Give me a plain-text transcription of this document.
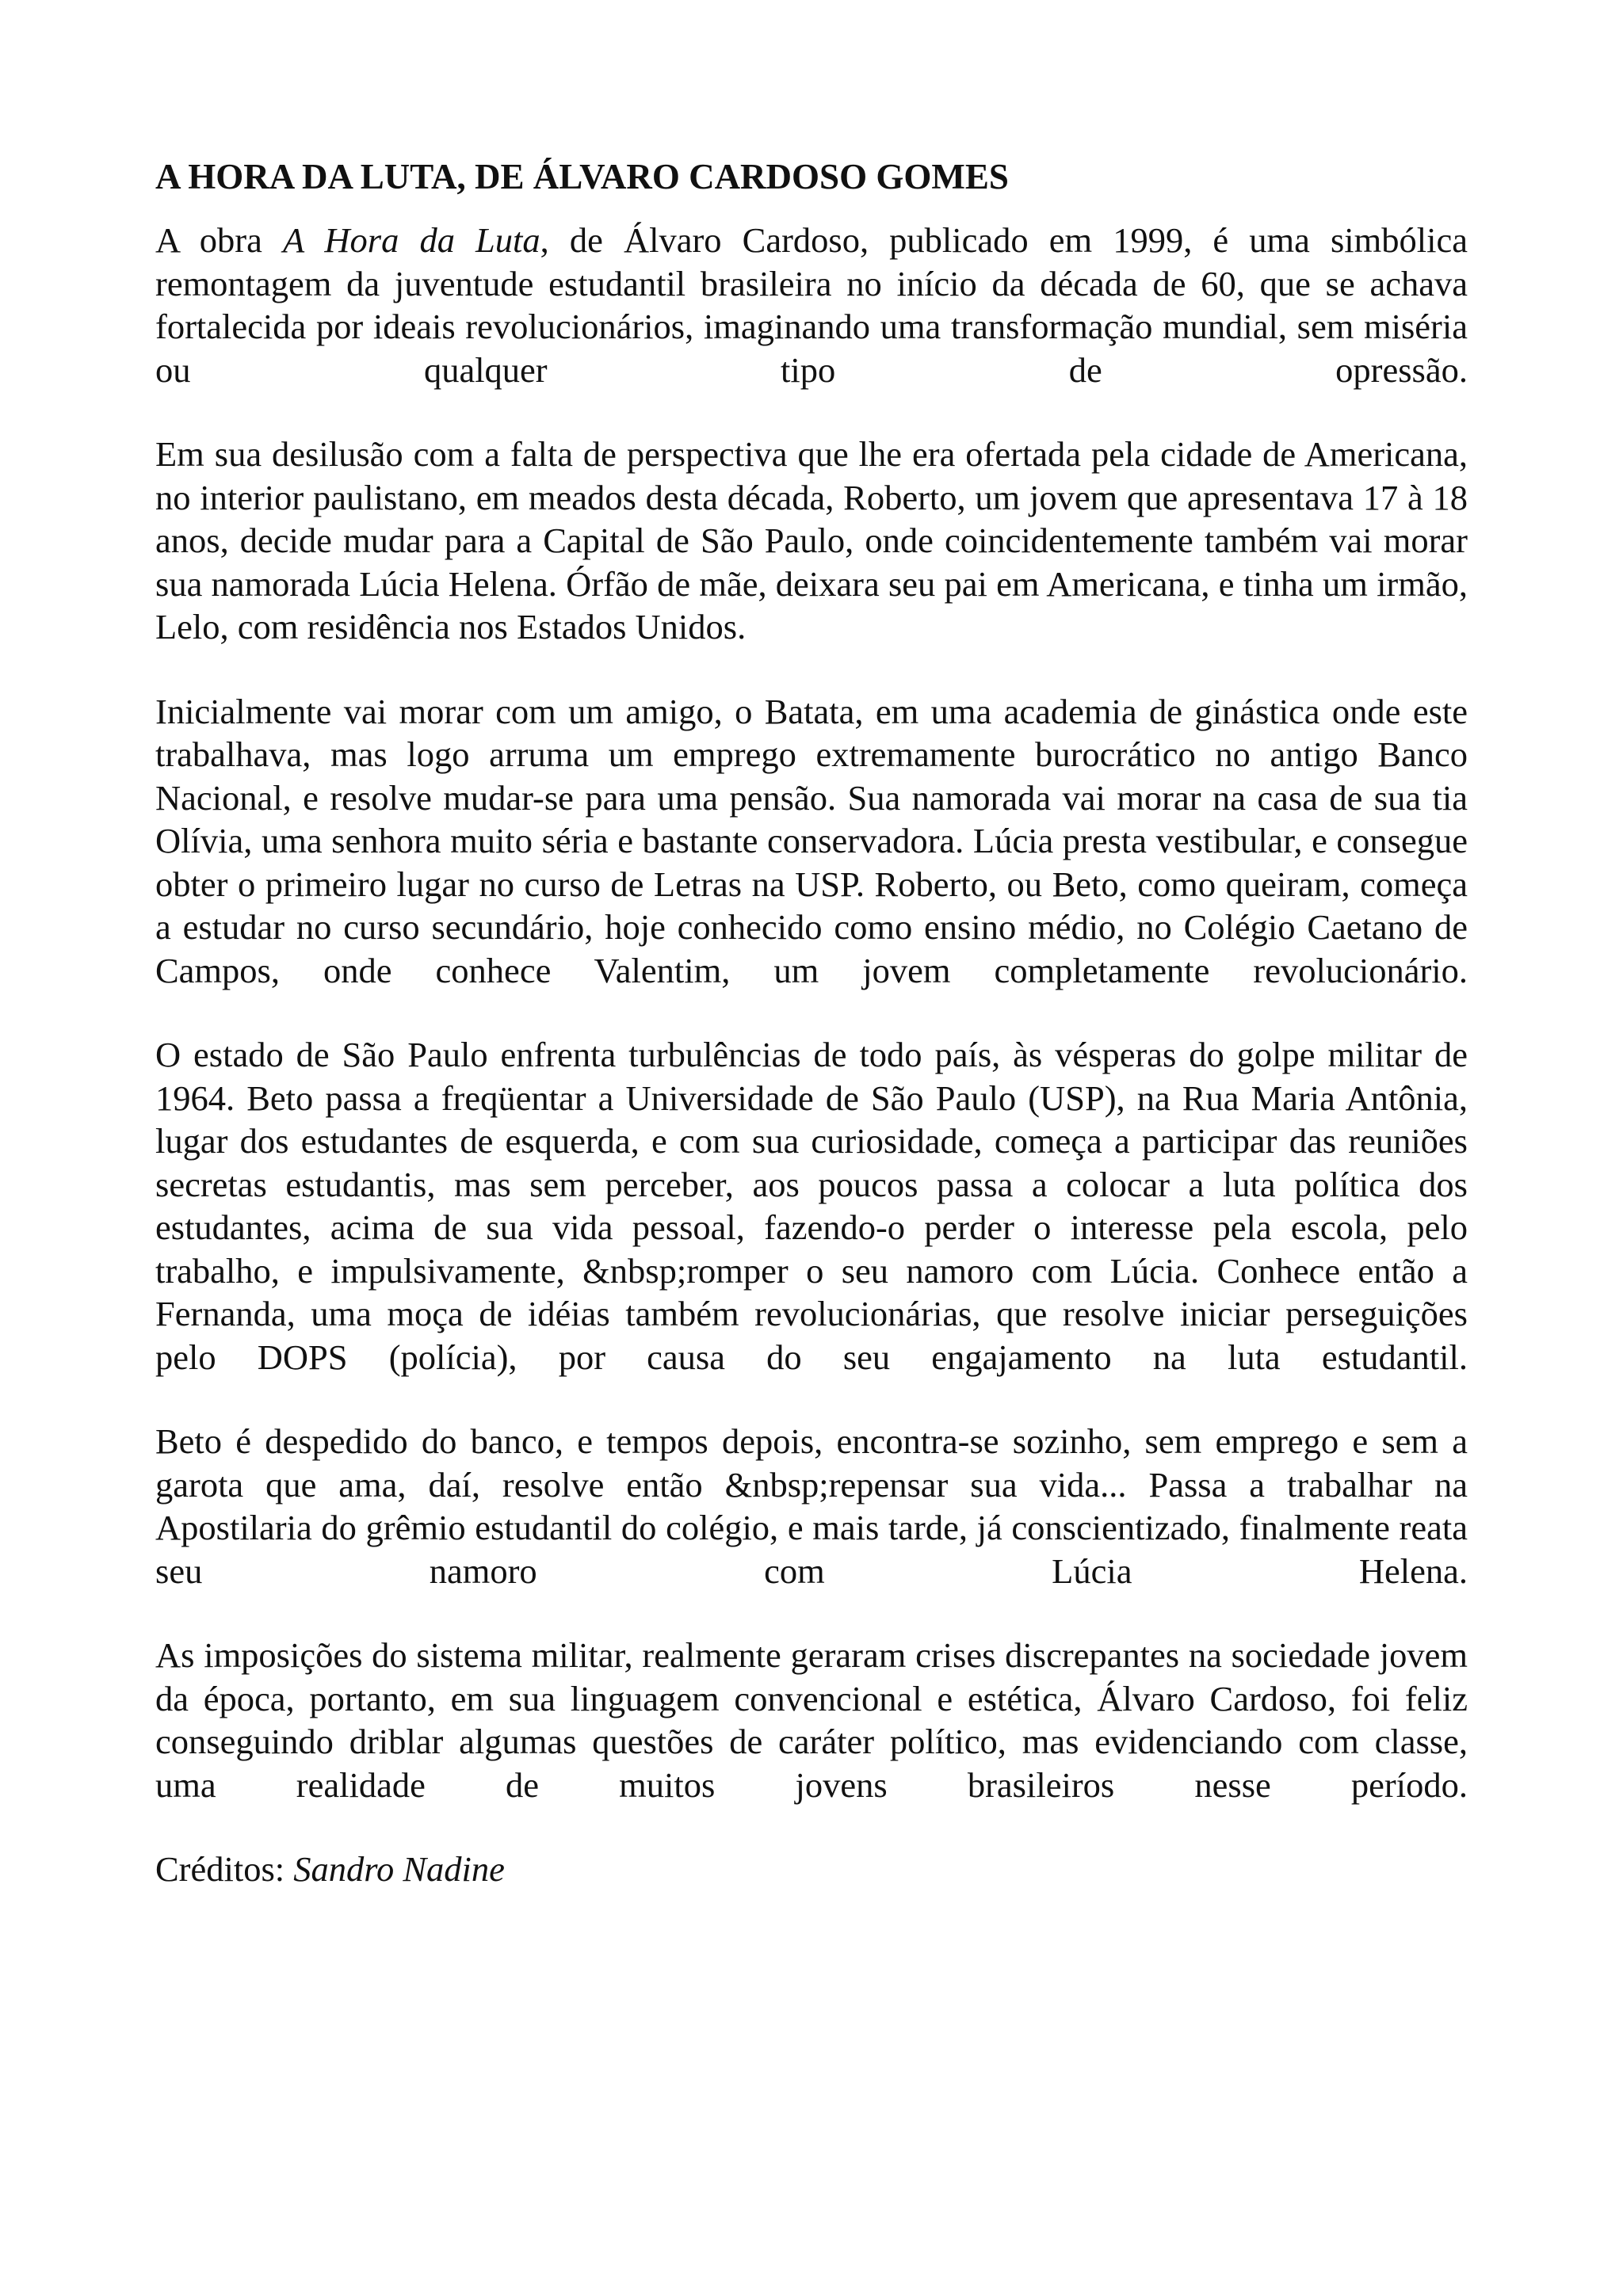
A HORA DA LUTA, DE ÁLVARO CARDOSO GOMES

A obra A Hora da Luta, de Álvaro Cardoso, publicado em 1999, é uma simbólica remontagem da juventude estudantil brasileira no início da década de 60, que se achava fortalecida por ideais revolucionários, imaginando uma transformação mundial, sem miséria ou qualquer tipo de opressão.

Em sua desilusão com a falta de perspectiva que lhe era ofertada pela cidade de Americana, no interior paulistano, em meados desta década, Roberto, um jovem que apresentava 17 à 18 anos, decide mudar para a Capital de São Paulo, onde coincidentemente também vai morar sua namorada Lúcia Helena. Órfão de mãe, deixara seu pai em Americana, e tinha um irmão, Lelo, com residência nos Estados Unidos.

Inicialmente vai morar com um amigo, o Batata, em uma academia de ginástica onde este trabalhava, mas logo arruma um emprego extremamente burocrático no antigo Banco Nacional, e resolve mudar-se para uma pensão. Sua namorada vai morar na casa de sua tia Olívia, uma senhora muito séria e bastante conservadora. Lúcia presta vestibular, e consegue obter o primeiro lugar no curso de Letras na USP. Roberto, ou Beto, como queiram, começa a estudar no curso secundário, hoje conhecido como ensino médio, no Colégio Caetano de Campos, onde conhece Valentim, um jovem completamente revolucionário.

O estado de São Paulo enfrenta turbulências de todo país, às vésperas do golpe militar de 1964. Beto passa a freqüentar a Universidade de São Paulo (USP), na Rua Maria Antônia, lugar dos estudantes de esquerda, e com sua curiosidade, começa a participar das reuniões secretas estudantis, mas sem perceber, aos poucos passa a colocar a luta política dos estudantes, acima de sua vida pessoal, fazendo-o perder o interesse pela escola, pelo trabalho, e impulsivamente, &nbsp;romper o seu namoro com Lúcia. Conhece então a Fernanda, uma moça de idéias também revolucionárias, que resolve iniciar perseguições pelo DOPS (polícia), por causa do seu engajamento na luta estudantil.

Beto é despedido do banco, e tempos depois, encontra-se sozinho, sem emprego e sem a garota que ama, daí, resolve então &nbsp;repensar sua vida... Passa a trabalhar na Apostilaria do grêmio estudantil do colégio, e mais tarde, já conscientizado, finalmente reata seu namoro com Lúcia Helena.

As imposições do sistema militar, realmente geraram crises discrepantes na sociedade jovem da época, portanto, em sua linguagem convencional e estética, Álvaro Cardoso, foi feliz conseguindo driblar algumas questões de caráter político, mas evidenciando com classe, uma realidade de muitos jovens brasileiros nesse período.

Créditos: Sandro Nadine
